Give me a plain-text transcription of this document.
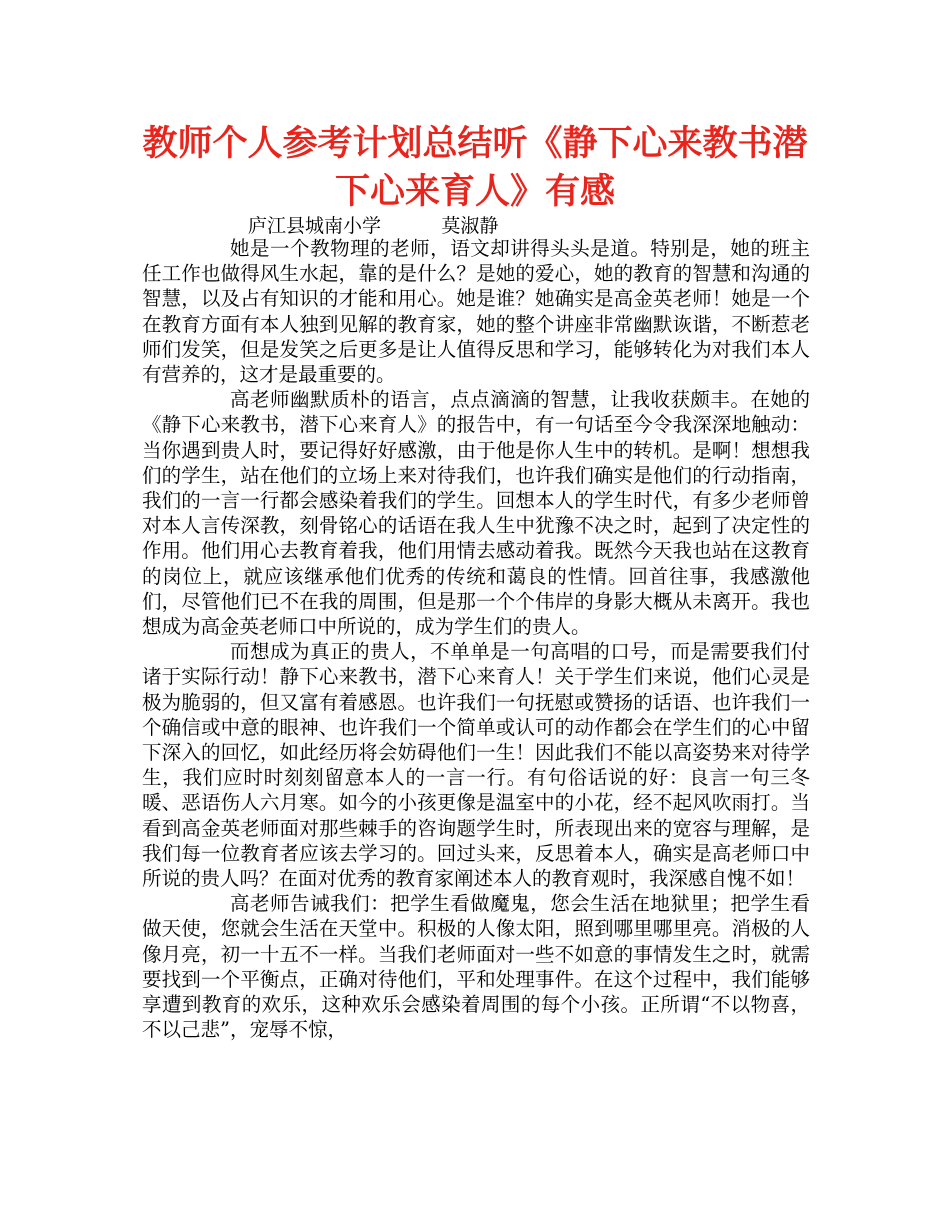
教师个人参考计划总结听《静下心来教书潜下心来育人》有感
庐江县城南小学	莫淑静

她是一个教物理的老师，语文却讲得头头是道。特别是，她的班主任工作也做得风生水起，靠的是什么？是她的爱心，她的教育的智慧和沟通的智慧，以及占有知识的才能和用心。她是谁？她确实是高金英老师！她是一个在教育方面有本人独到见解的教育家，她的整个讲座非常幽默诙谐，不断惹老师们发笑，但是发笑之后更多是让人值得反思和学习，能够转化为对我们本人有营养的，这才是最重要的。

高老师幽默质朴的语言，点点滴滴的智慧，让我收获颇丰。在她的《静下心来教书，潜下心来育人》的报告中，有一句话至今令我深深地触动：当你遇到贵人时，要记得好好感激，由于他是你人生中的转机。是啊！想想我们的学生，站在他们的立场上来对待我们，也许我们确实是他们的行动指南，我们的一言一行都会感染着我们的学生。回想本人的学生时代，有多少老师曾对本人言传深教，刻骨铭心的话语在我人生中犹豫不决之时，起到了决定性的作用。他们用心去教育着我，他们用情去感动着我。既然今天我也站在这教育的岗位上，就应该继承他们优秀的传统和蔼良的性情。回首往事，我感激他们，尽管他们已不在我的周围，但是那一个个伟岸的身影大概从未离开。我也想成为高金英老师口中所说的，成为学生们的贵人。

而想成为真正的贵人，不单单是一句高唱的口号，而是需要我们付诸于实际行动！静下心来教书，潜下心来育人！关于学生们来说，他们心灵是极为脆弱的，但又富有着感恩。也许我们一句抚慰或赞扬的话语、也许我们一个确信或中意的眼神、也许我们一个简单或认可的动作都会在学生们的心中留下深入的回忆，如此经历将会妨碍他们一生！因此我们不能以高姿势来对待学生，我们应时时刻刻留意本人的一言一行。有句俗话说的好：良言一句三冬暖、恶语伤人六月寒。如今的小孩更像是温室中的小花，经不起风吹雨打。当看到高金英老师面对那些棘手的咨询题学生时，所表现出来的宽容与理解，是我们每一位教育者应该去学习的。回过头来，反思着本人，确实是高老师口中所说的贵人吗？在面对优秀的教育家阐述本人的教育观时，我深感自愧不如！

高老师告诫我们：把学生看做魔鬼，您会生活在地狱里；把学生看做天使，您就会生活在天堂中。积极的人像太阳，照到哪里哪里亮。消极的人像月亮，初一十五不一样。当我们老师面对一些不如意的事情发生之时，就需要找到一个平衡点，正确对待他们，平和处理事件。在这个过程中，我们能够享遭到教育的欢乐，这种欢乐会感染着周围的每个小孩。正所谓“不以物喜，不以己悲”，宠辱不惊，
